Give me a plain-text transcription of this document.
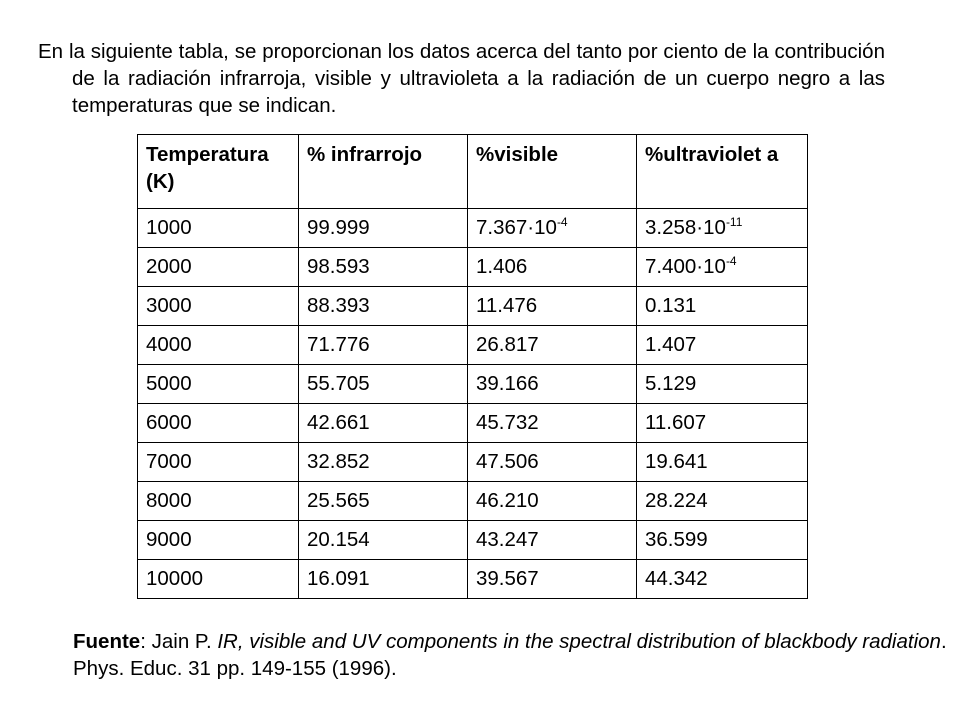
En la siguiente tabla, se proporcionan los datos acerca del tanto por ciento de la contribución de la radiación infrarroja, visible y ultravioleta a la radiación de un cuerpo negro a las temperaturas que se indican.

Temperatura (K)	% infrarrojo	%visible	%ultraviolet a
1000	99.999	$7.367\cdot 10^{-4}$	$3.258\cdot 10^{-11}$
2000	98.593	1.406	$7.400\cdot 10^{-4}$
3000	88.393	11.476	0.131
4000	71.776	26.817	1.407
5000	55.705	39.166	5.129
6000	42.661	45.732	11.607
7000	32.852	47.506	19.641
8000	25.565	46.210	28.224
9000	20.154	43.247	36.599
10000	16.091	39.567	44.342

Fuente: Jain P. IR, visible and UV components in the spectral distribution of blackbody radiation. Phys. Educ. 31 pp. 149-155 (1996).
